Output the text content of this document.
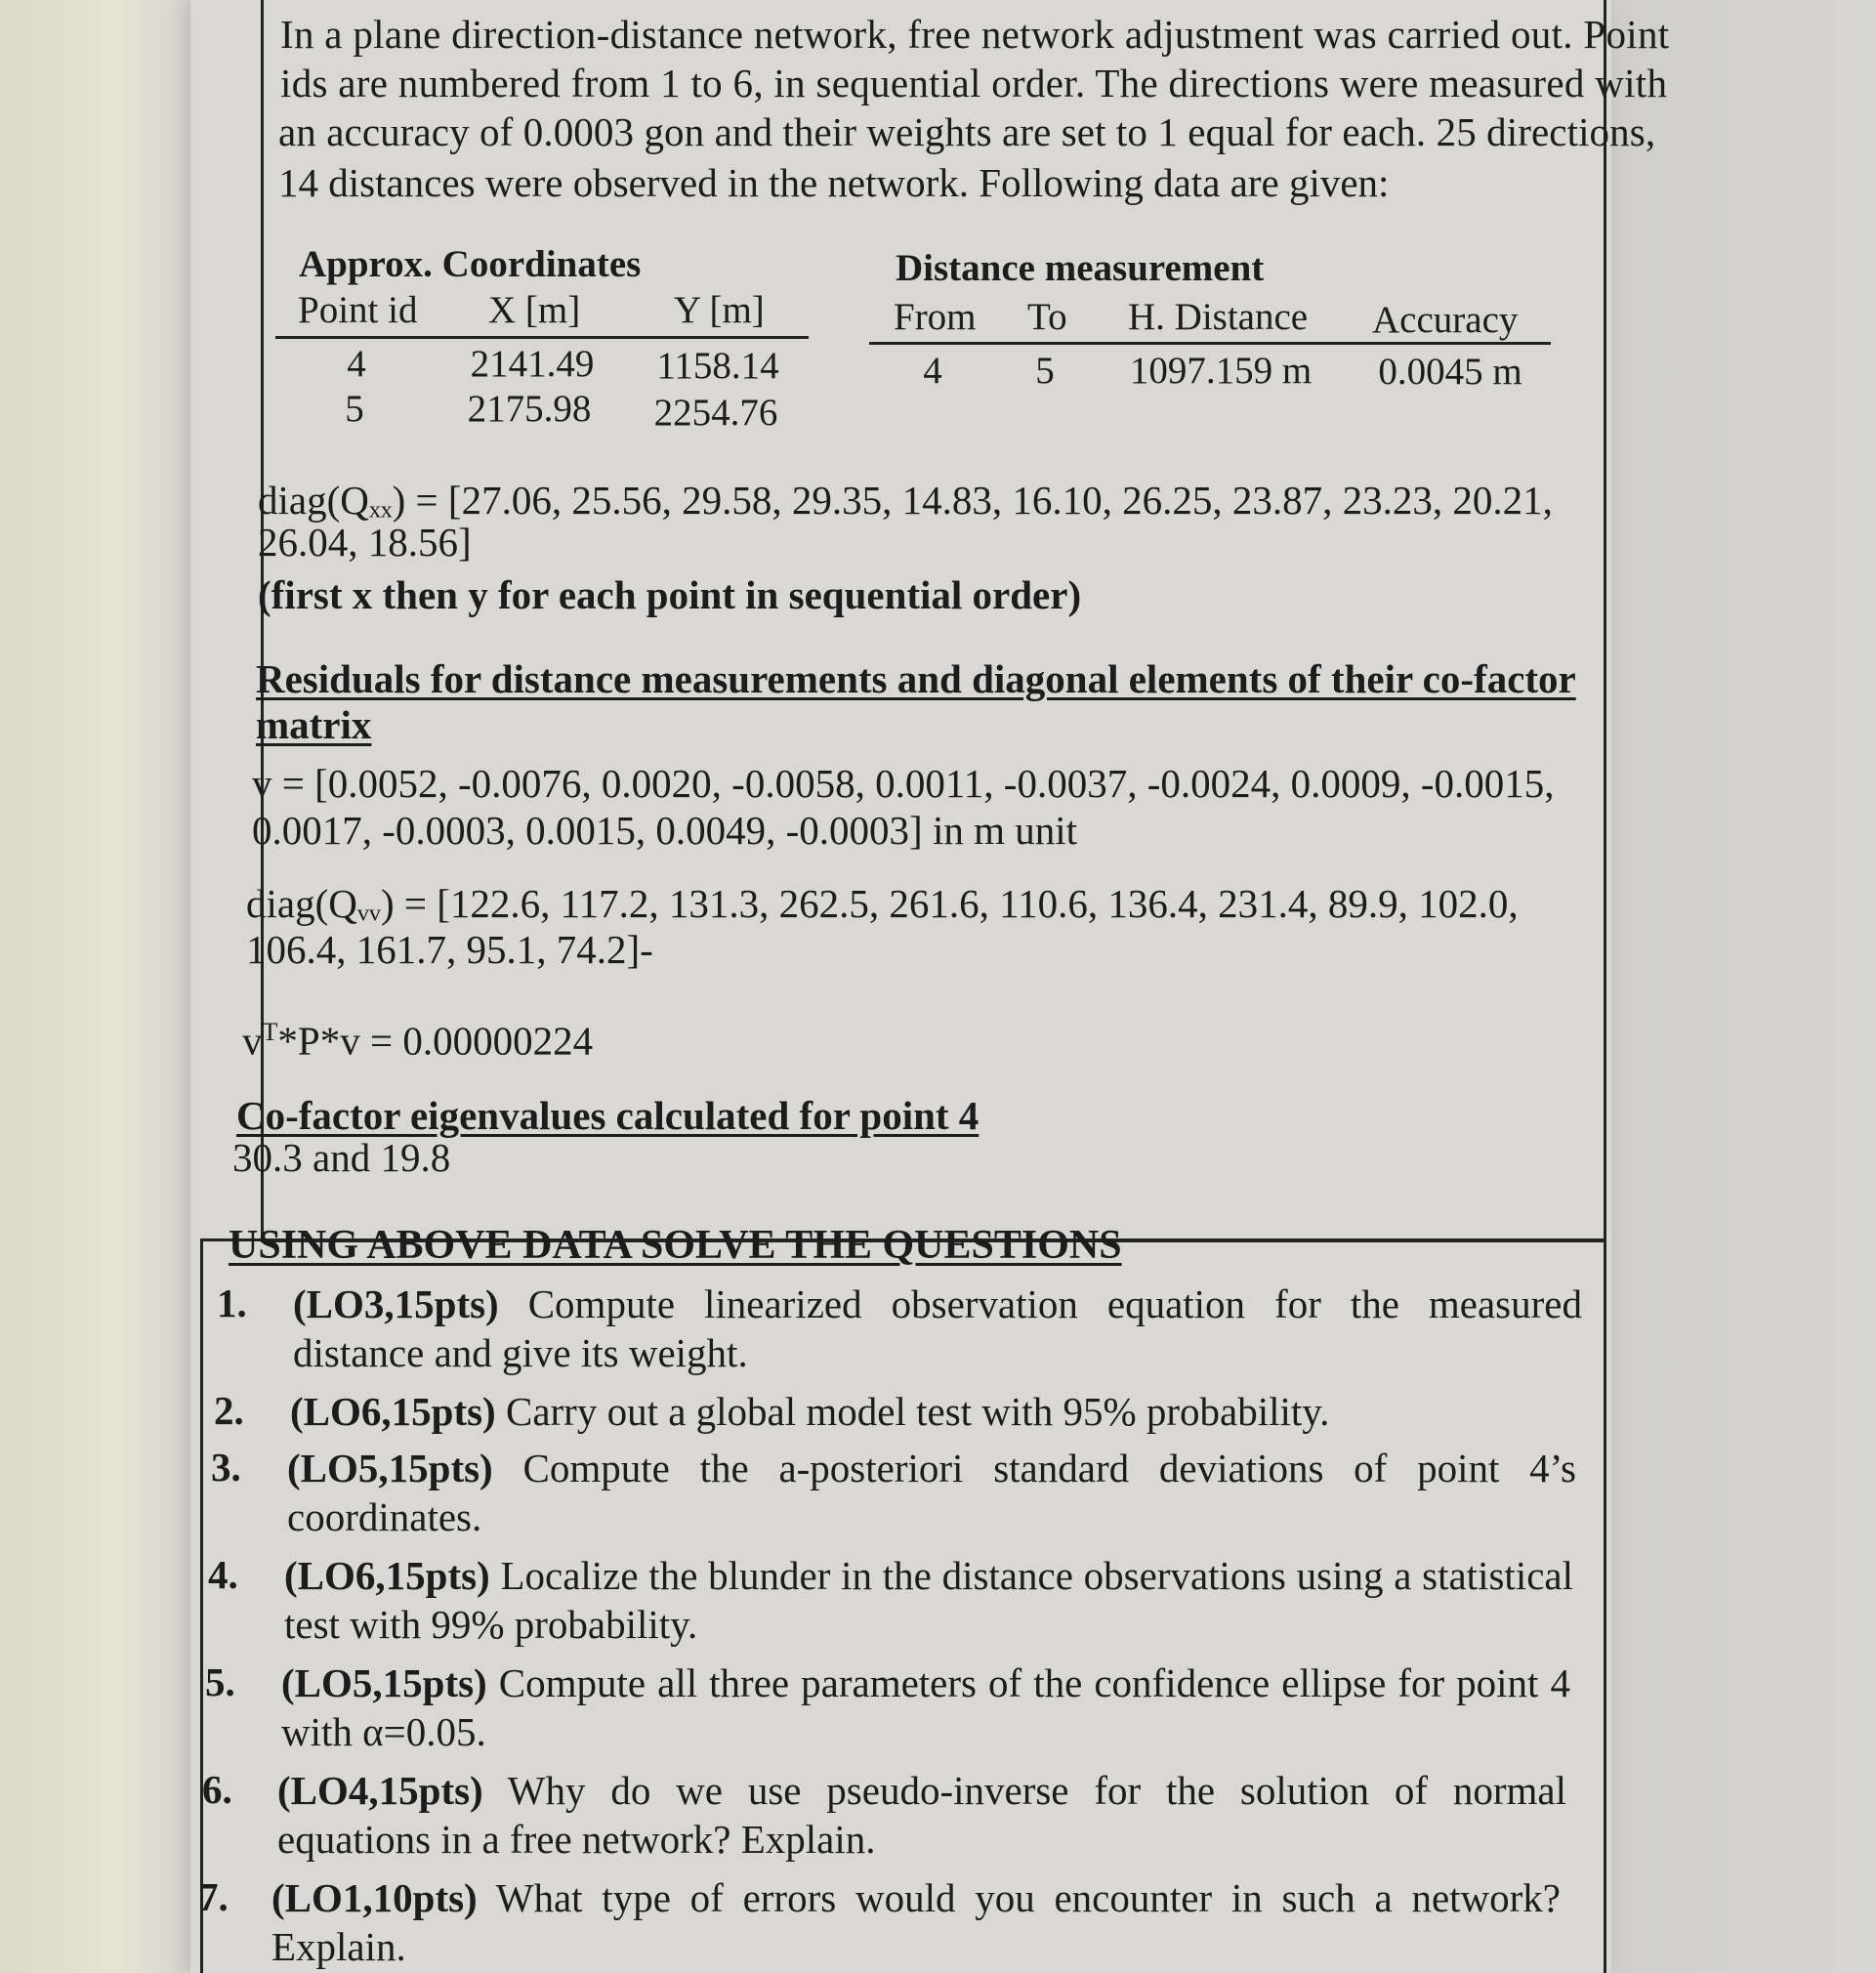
In a plane direction-distance network, free network adjustment was carried out. Point
ids are numbered from 1 to 6, in sequential order. The directions were measured with
an accuracy of 0.0003 gon and their weights are set to 1 equal for each. 25 directions,
14 distances were observed in the network. Following data are given:
Approx. Coordinates
Point id X [m] Y [m]
4	2141.49	1158.14
5	2175.98 2254.76
Distance measurement
From To H. Distance Accuracy
4	5	1097.159 m	0.0045 m
diag(Qₓₓ) = [27.06, 25.56, 29.58, 29.35, 14.83, 16.10, 26.25, 23.87, 23.23, 20.21,
26.04, 18.56]
(first x then y for each point in sequential order)
Residuals for distance measurements and diagonal elements of their co-factor
matrix
v = [0.0052, -0.0076, 0.0020, -0.0058, 0.0011, -0.0037, -0.0024, 0.0009, -0.0015,
0.0017, -0.0003, 0.0015, 0.0049, -0.0003] in m unit
diag(Qᵥᵥ) = [122.6, 117.2, 131.3, 262.5, 261.6, 110.6, 136.4, 231.4, 89.9, 102.0,
106.4, 161.7, 95.1, 74.2]-
$v^T*P*v = 0.00000224$
Co-factor eigenvalues calculated for point 4
30.3 and 19.8
USING ABOVE DATA SOLVE THE QUESTIONS
1. (LO3,15pts) Compute linearized observation equation for the measured distance and give its weight.
2. (LO6,15pts) Carry out a global model test with 95% probability.
3. (LO5,15pts) Compute the a-posteriori standard deviations of point 4’s coordinates.
4. (LO6,15pts) Localize the blunder in the distance observations using a statistical test with 99% probability.
5. (LO5,15pts) Compute all three parameters of the confidence ellipse for point 4 with α=0.05.
6. (LO4,15pts) Why do we use pseudo-inverse for the solution of normal equations in a free network? Explain.
7. (LO1,10pts) What type of errors would you encounter in such a network? Explain.
